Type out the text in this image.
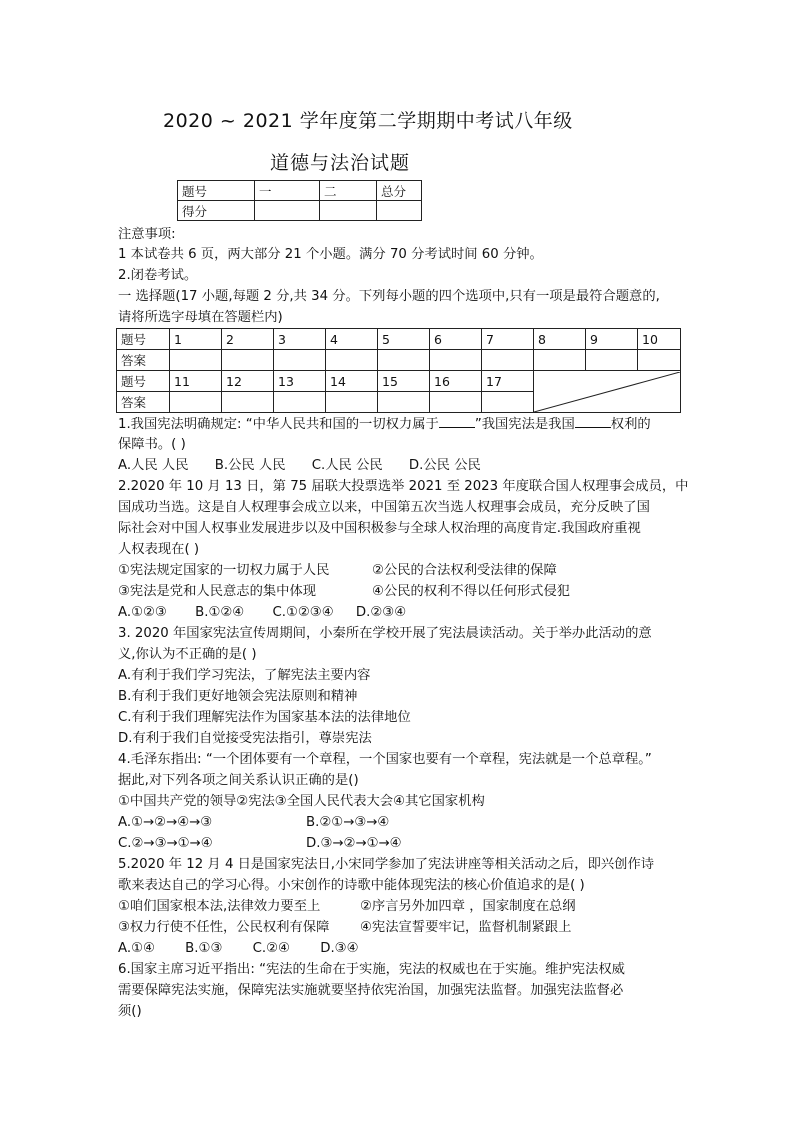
2020 ~ 2021 学年度第二学期期中考试八年级
道德与法治试题
题号	一	二	总分
得分			
注意事项:
1 本试卷共 6 页，两大部分 21 个小题。满分 70 分考试时间 60 分钟。
2.闭卷考试。
一 选择题(17 小题,每题 2 分,共 34 分。下列每小题的四个选项中,只有一项是最符合题意的,
请将所选字母填在答题栏内)
题号	1	2	3	4	5	6	7	8	9	10
答案										
题号	11	12	13	14	15	16	17	

答案										
1.我国宪法明确规定: “中华人民共和国的一切权力属于	”我国宪法是我国	权利的
保障书。( )
A.人民 人民 B.公民 人民 C.人民 公民 D.公民 公民
2.2020 年 10 月 13 日，第 75 届联大投票选举 2021 至 2023 年度联合国人权理事会成员，中
国成功当选。这是自人权理事会成立以来，中国第五次当选人权理事会成员，充分反映了国
际社会对中国人权事业发展进步以及中国积极参与全球人权治理的高度肯定.我国政府重视
人权表现在( )
①宪法规定国家的一切权力属于人民	②公民的合法权利受法律的保障
③宪法是党和人民意志的集中体现	④公民的权利不得以任何形式侵犯
A.①②③ B.①②④ C.①②③④ D.②③④
3. 2020 年国家宪法宣传周期间，小秦所在学校开展了宪法晨读活动。关于举办此活动的意
义,你认为不正确的是( )
A.有利于我们学习宪法，了解宪法主要内容
B.有利于我们更好地领会宪法原则和精神
C.有利于我们理解宪法作为国家基本法的法律地位
D.有利于我们自觉接受宪法指引，尊崇宪法
4.毛泽东指出: “一个团体要有一个章程，一个国家也要有一个章程，宪法就是一个总章程。”
据此,对下列各项之间关系认识正确的是()
①中国共产党的领导②宪法③全国人民代表大会④其它国家机构
A.①→②→④→③	B.②①→③→④
C.②→③→①→④	D.③→②→①→④
5.2020 年 12 月 4 日是国家宪法日,小宋同学参加了宪法讲座等相关活动之后，即兴创作诗
歌来表达自己的学习心得。小宋创作的诗歌中能体现宪法的核心价值追求的是( )
①咱们国家根本法,法律效力要至上	②序言另外加四章 ，国家制度在总纲
③权力行使不任性，公民权利有保障 ④宪法宣誓要牢记，监督机制紧跟上
A.①④ B.①③ C.②④ D.③④
6.国家主席习近平指出: “宪法的生命在于实施，宪法的权威也在于实施。维护宪法权威
需要保障宪法实施，保障宪法实施就要坚持依宪治国，加强宪法监督。加强宪法监督必
须()
